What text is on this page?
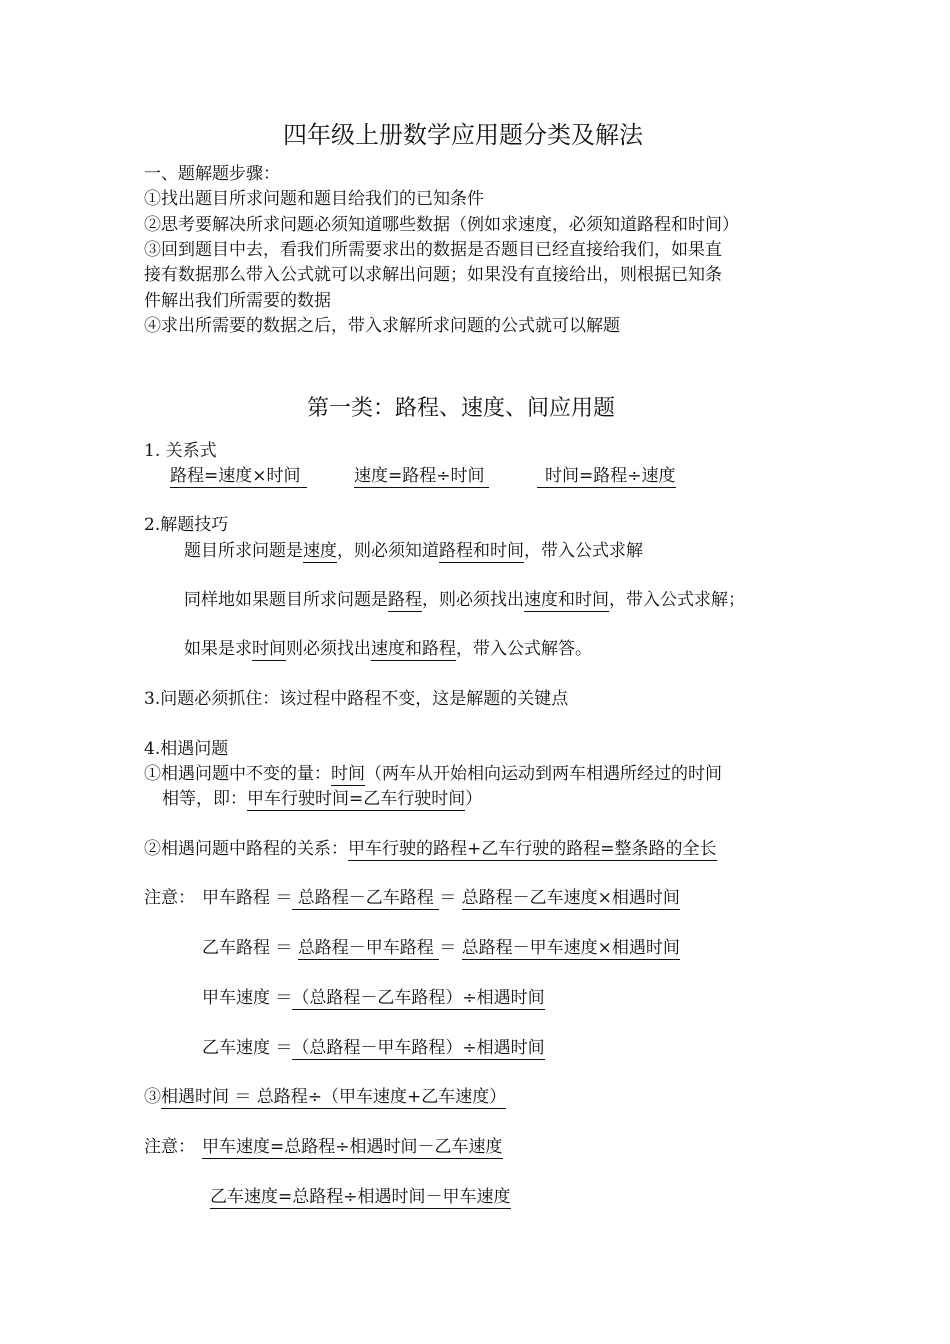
四年级上册数学应用题分类及解法
一、题解题步骤：
①找出题目所求问题和题目给我们的已知条件
②思考要解决所求问题必须知道哪些数据（例如求速度，必须知道路程和时间）
③回到题目中去，看我们所需要求出的数据是否题目已经直接给我们，如果直
接有数据那么带入公式就可以求解出问题；如果没有直接给出，则根据已知条
件解出我们所需要的数据
④求出所需要的数据之后，带入求解所求问题的公式就可以解题
第一类：路程、速度、间应用题
1. 关系式
路程=速度×时间	速度=路程÷时间	时间=路程÷速度
2.解题技巧
题目所求问题是速度，则必须知道路程和时间，带入公式求解
同样地如果题目所求问题是路程，则必须找出速度和时间，带入公式求解；
如果是求时间则必须找出速度和路程，带入公式解答。
3.问题必须抓住：该过程中路程不变，这是解题的关键点
4.相遇问题
①相遇问题中不变的量：时间（两车从开始相向运动到两车相遇所经过的时间
相等，即：甲车行驶时间=乙车行驶时间）
②相遇问题中路程的关系：甲车行驶的路程+乙车行驶的路程=整条路的全长
注意： 甲车路程 ＝ 总路程－乙车路程 ＝ 总路程－乙车速度×相遇时间
乙车路程 ＝ 总路程－甲车路程 ＝ 总路程－甲车速度×相遇时间
甲车速度 ＝（总路程－乙车路程）÷相遇时间
乙车速度 ＝（总路程－甲车路程）÷相遇时间
③相遇时间 ＝ 总路程÷（甲车速度+乙车速度）
注意： 甲车速度=总路程÷相遇时间－乙车速度
乙车速度=总路程÷相遇时间－甲车速度
